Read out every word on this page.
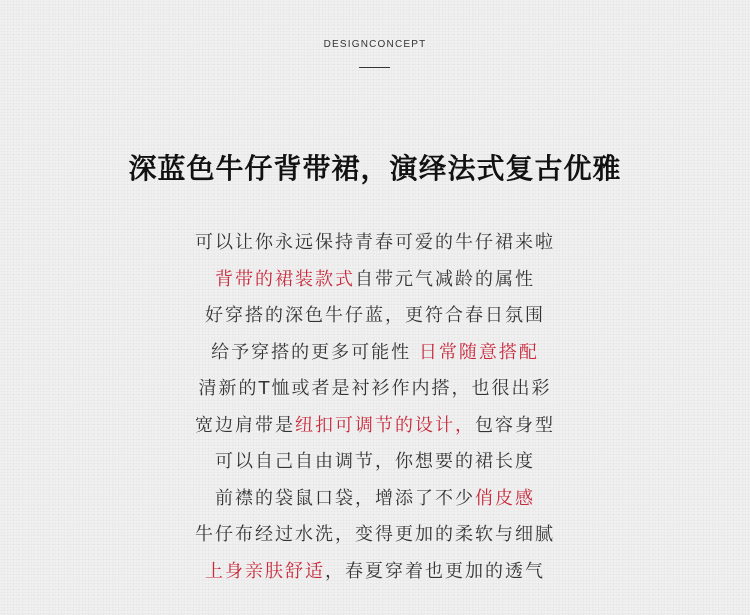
DESIGNCONCEPT
深蓝色牛仔背带裙，演绎法式复古优雅
可以让你永远保持青春可爱的牛仔裙来啦
背带的裙装款式自带元气减龄的属性
好穿搭的深色牛仔蓝，更符合春日氛围
给予穿搭的更多可能性 日常随意搭配
清新的T恤或者是衬衫作内搭，也很出彩
宽边肩带是纽扣可调节的设计，包容身型
可以自己自由调节，你想要的裙长度
前襟的袋鼠口袋，增添了不少俏皮感
牛仔布经过水洗，变得更加的柔软与细腻
上身亲肤舒适，春夏穿着也更加的透气
